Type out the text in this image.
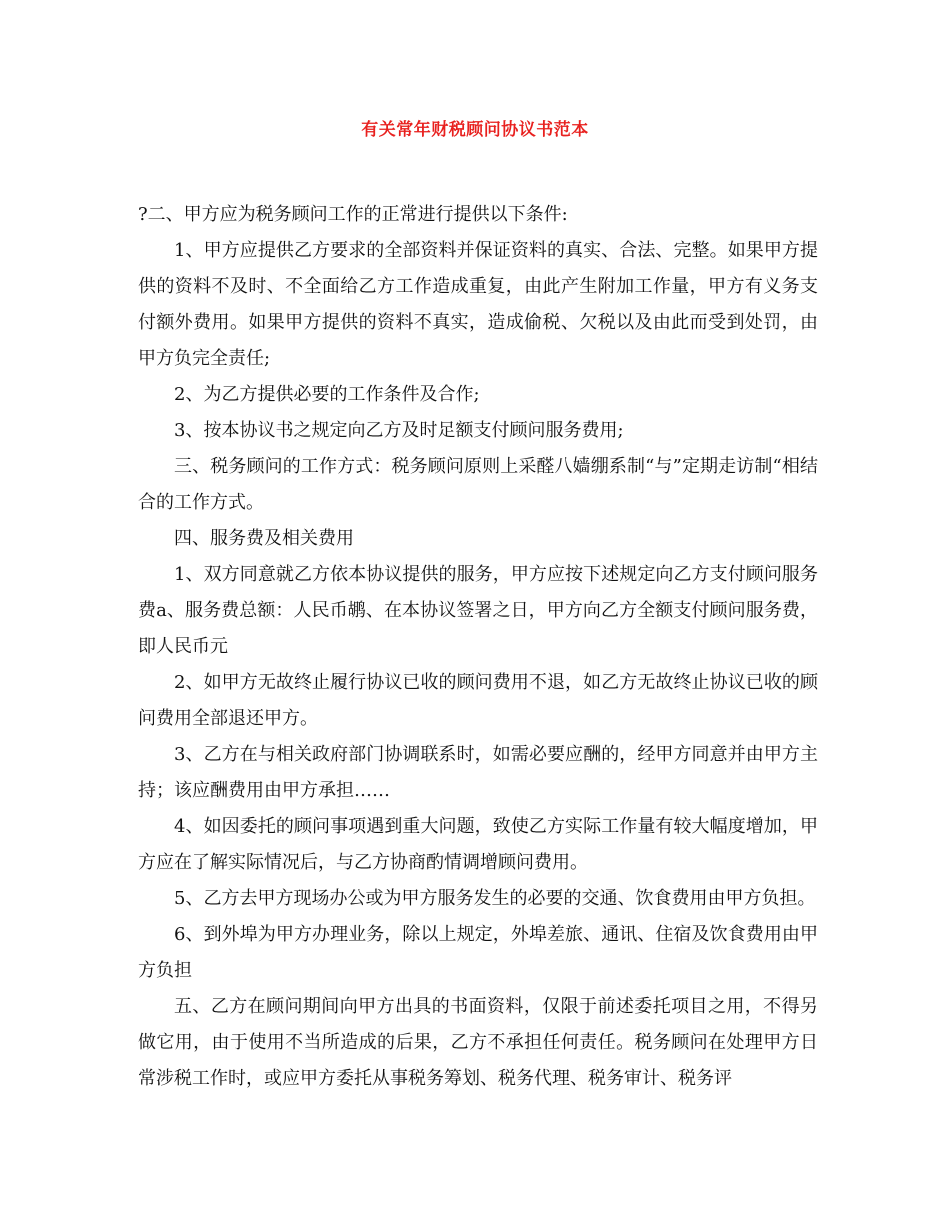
有关常年财税顾问协议书范本

?二、甲方应为税务顾问工作的正常进行提供以下条件:

1、甲方应提供乙方要求的全部资料并保证资料的真实、合法、完整。如果甲方提供的资料不及时、不全面给乙方工作造成重复，由此产生附加工作量，甲方有义务支付额外费用。如果甲方提供的资料不真实，造成偷税、欠税以及由此而受到处罚，由甲方负完全责任;

2、为乙方提供必要的工作条件及合作;

3、按本协议书之规定向乙方及时足额支付顾问服务费用;

三、税务顾问的工作方式：税务顾问原则上采醛八嫱绷系制“与”定期走访制“相结合的工作方式。

四、服务费及相关费用

1、双方同意就乙方依本协议提供的服务，甲方应按下述规定向乙方支付顾问服务费a、服务费总额：人民币鹕、在本协议签署之日，甲方向乙方全额支付顾问服务费，即人民币元

2、如甲方无故终止履行协议已收的顾问费用不退，如乙方无故终止协议已收的顾问费用全部退还甲方。

3、乙方在与相关政府部门协调联系时，如需必要应酬的，经甲方同意并由甲方主持；该应酬费用由甲方承担……

4、如因委托的顾问事项遇到重大问题，致使乙方实际工作量有较大幅度增加，甲方应在了解实际情况后，与乙方协商酌情调增顾问费用。

5、乙方去甲方现场办公或为甲方服务发生的必要的交通、饮食费用由甲方负担。

6、到外埠为甲方办理业务，除以上规定，外埠差旅、通讯、住宿及饮食费用由甲方负担

五、乙方在顾问期间向甲方出具的书面资料，仅限于前述委托项目之用，不得另做它用，由于使用不当所造成的后果，乙方不承担任何责任。税务顾问在处理甲方日常涉税工作时，或应甲方委托从事税务筹划、税务代理、税务审计、税务评
